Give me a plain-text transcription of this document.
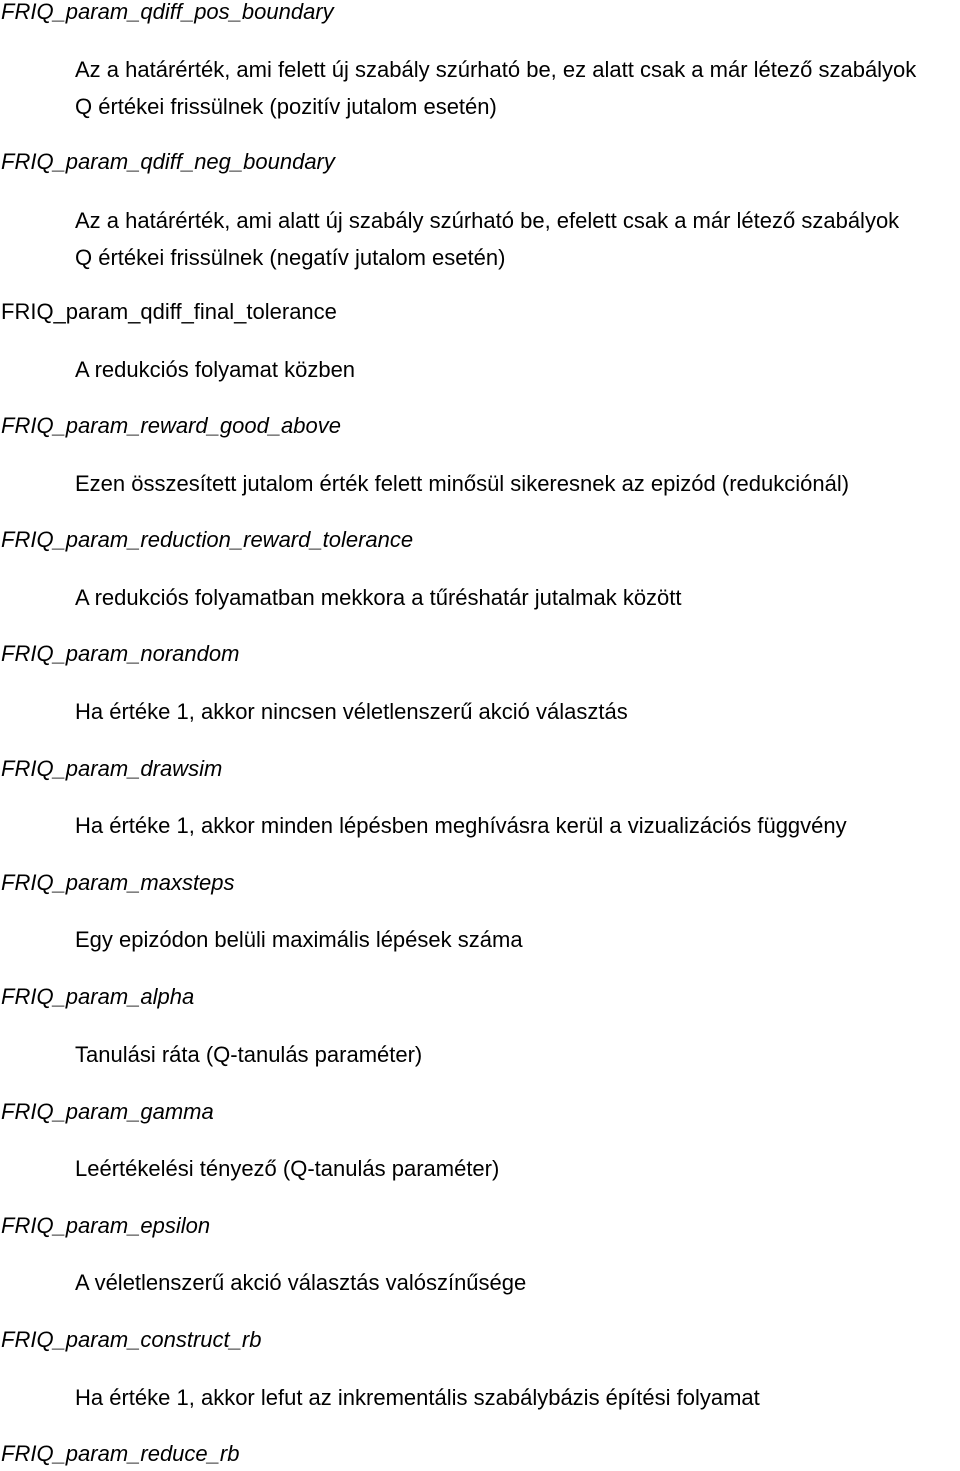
FRIQ_param_qdiff_pos_boundary
Az a határérték, ami felett új szabály szúrható be, ez alatt csak a már létező szabályok
Q értékei frissülnek (pozitív jutalom esetén)
FRIQ_param_qdiff_neg_boundary
Az a határérték, ami alatt új szabály szúrható be, efelett csak a már létező szabályok
Q értékei frissülnek (negatív jutalom esetén)
FRIQ_param_qdiff_final_tolerance
A redukciós folyamat közben
FRIQ_param_reward_good_above
Ezen összesített jutalom érték felett minősül sikeresnek az epizód (redukciónál)
FRIQ_param_reduction_reward_tolerance
A redukciós folyamatban mekkora a tűréshatár jutalmak között
FRIQ_param_norandom
Ha értéke 1, akkor nincsen véletlenszerű akció választás
FRIQ_param_drawsim
Ha értéke 1, akkor minden lépésben meghívásra kerül a vizualizációs függvény
FRIQ_param_maxsteps
Egy epizódon belüli maximális lépések száma
FRIQ_param_alpha
Tanulási ráta (Q-tanulás paraméter)
FRIQ_param_gamma
Leértékelési tényező (Q-tanulás paraméter)
FRIQ_param_epsilon
A véletlenszerű akció választás valószínűsége
FRIQ_param_construct_rb
Ha értéke 1, akkor lefut az inkrementális szabálybázis építési folyamat
FRIQ_param_reduce_rb
